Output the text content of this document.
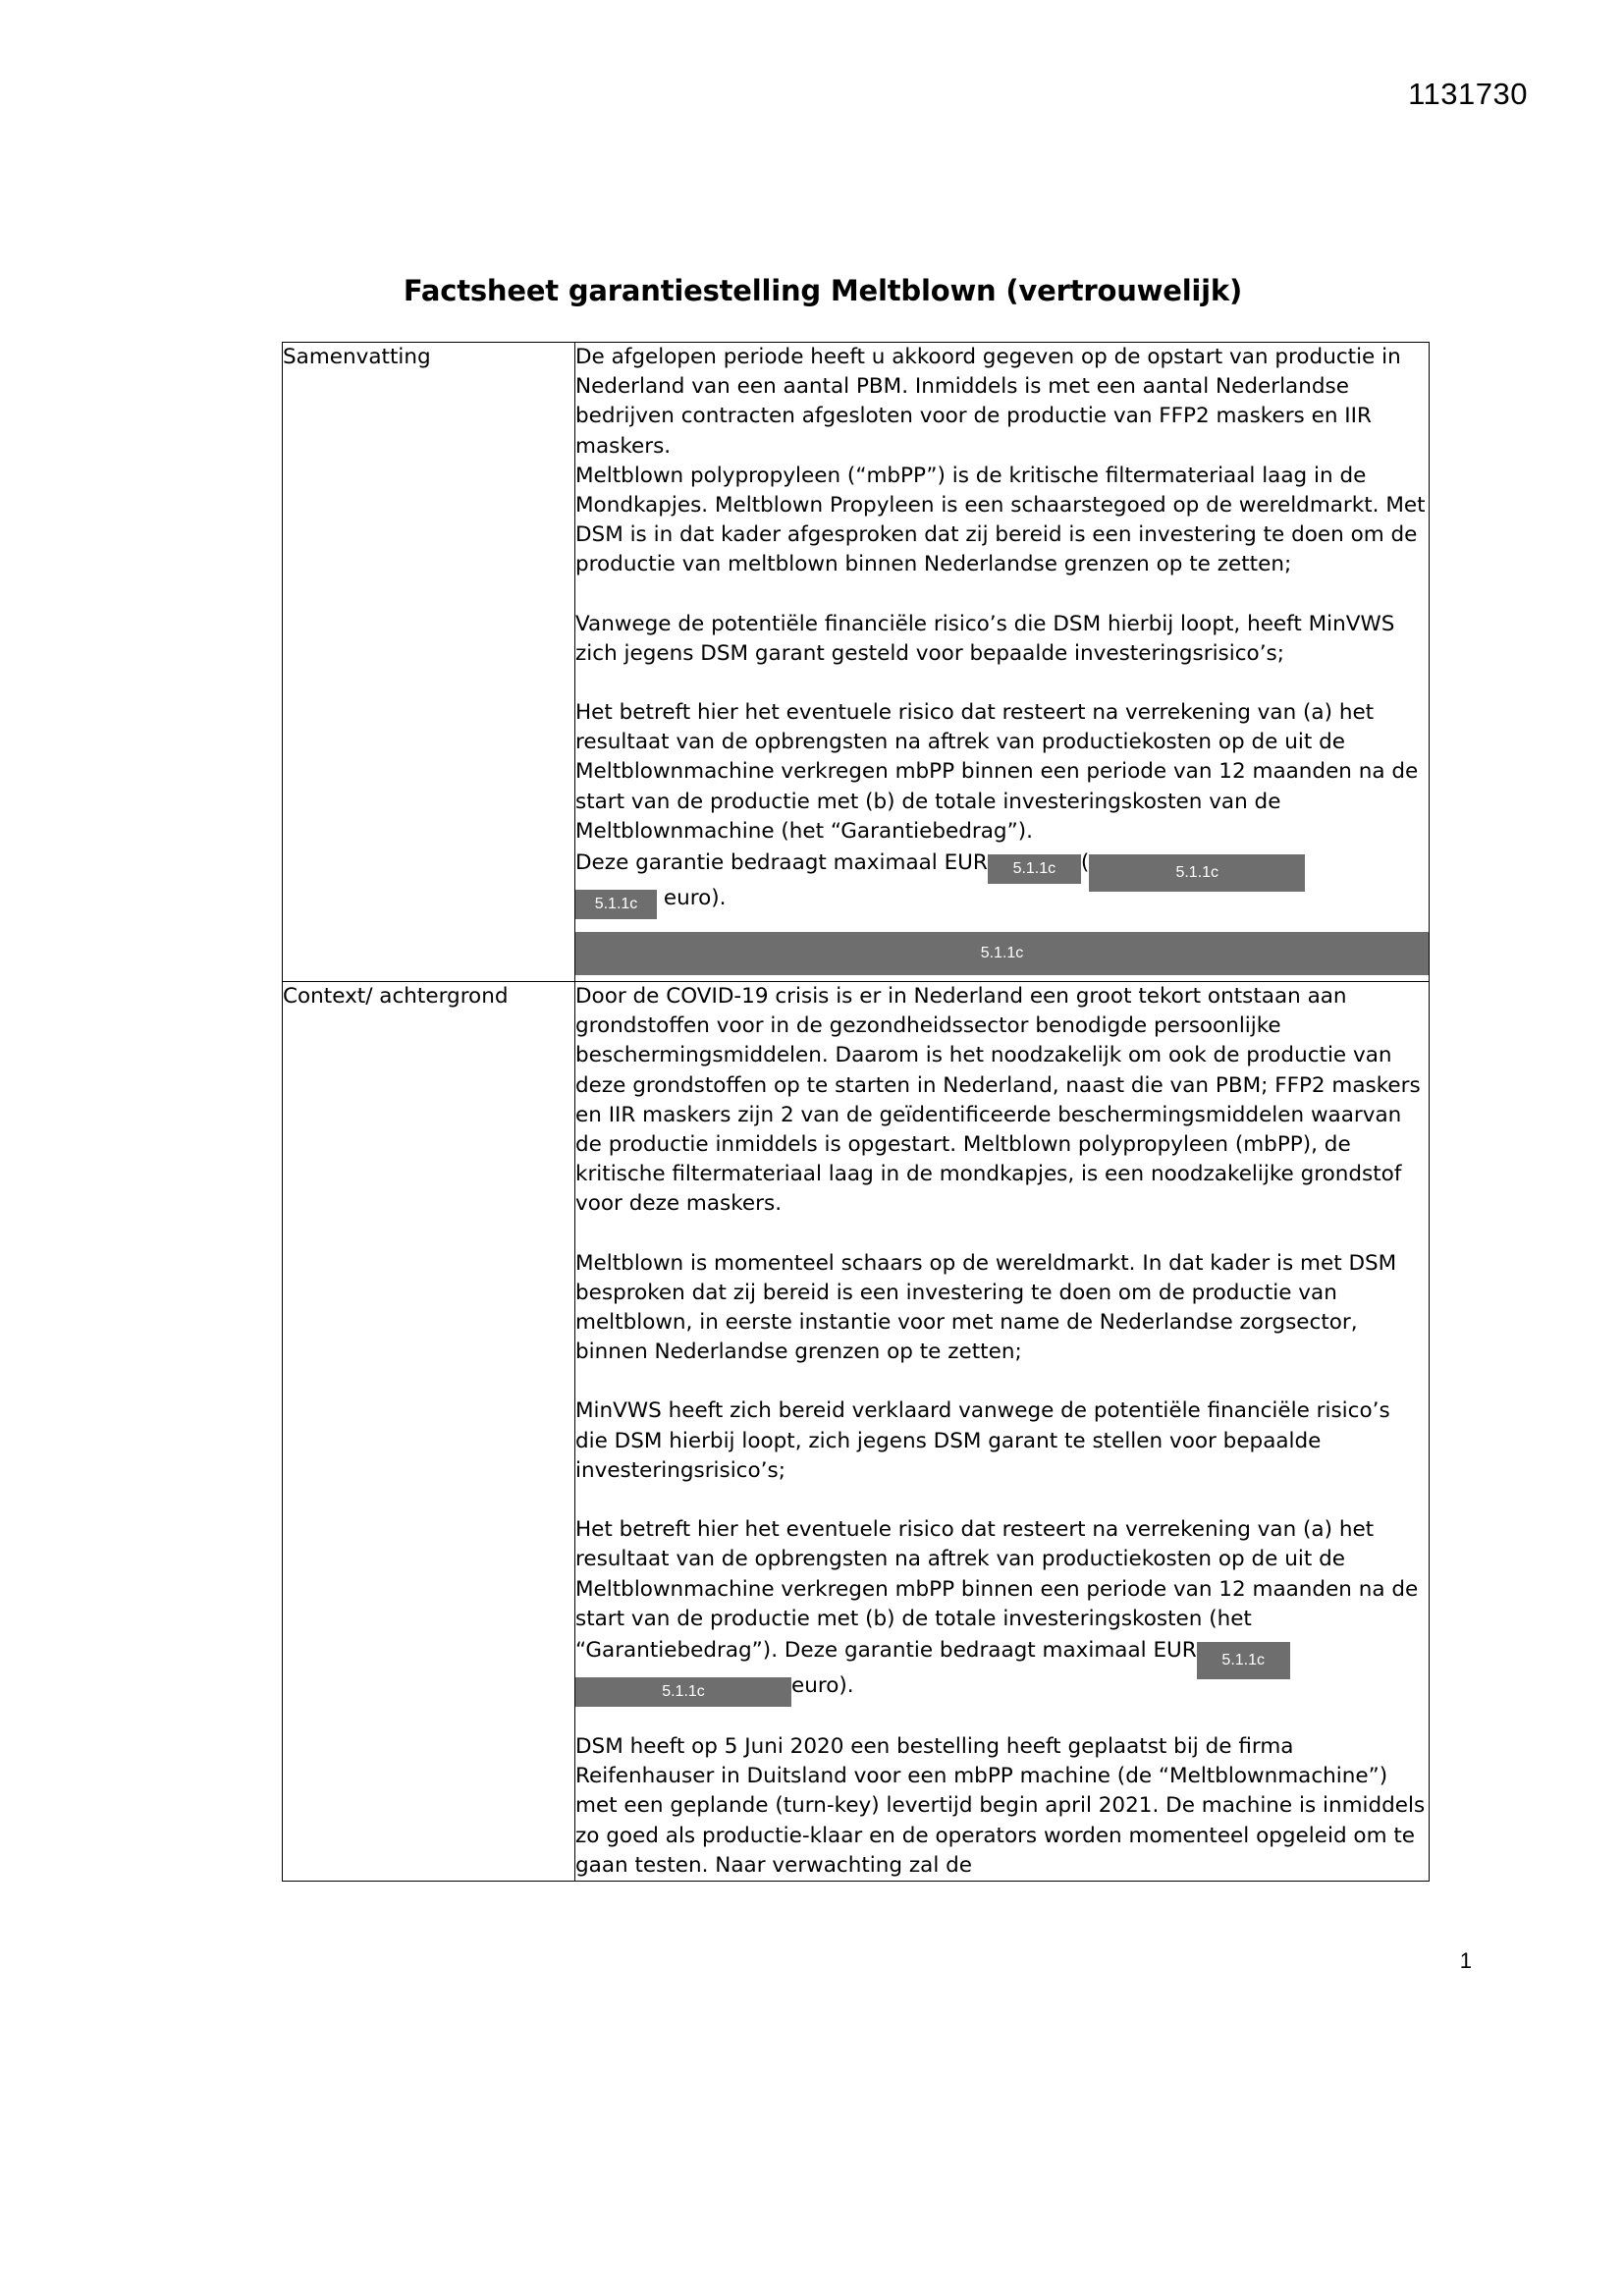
1131730
Factsheet garantiestelling Meltblown (vertrouwelijk)
Samenvatting	De afgelopen periode heeft u akkoord gegeven op de opstart van productie in Nederland van een aantal PBM. Inmiddels is met een aantal Nederlandse bedrijven contracten afgesloten voor de productie van FFP2 maskers en IIR maskers.

Meltblown polypropyleen (“mbPP”) is de kritische filtermateriaal laag in de Mondkapjes. Meltblown Propyleen is een schaarstegoed op de wereldmarkt. Met DSM is in dat kader afgesproken dat zij bereid is een investering te doen om de productie van meltblown binnen Nederlandse grenzen op te zetten;

Vanwege de potentiële financiële risico’s die DSM hierbij loopt, heeft MinVWS zich jegens DSM garant gesteld voor bepaalde investeringsrisico’s;

Het betreft hier het eventuele risico dat resteert na verrekening van (a) het resultaat van de opbrengsten na aftrek van productiekosten op de uit de Meltblownmachine verkregen mbPP binnen een periode van 12 maanden na de start van de productie met (b) de totale investeringskosten van de Meltblownmachine (het “Garantiebedrag”).

Deze garantie bedraagt maximaal EUR 5.1.1c (	5.1.1c
5.1.1c euro).

5.1.1c

Context/ achtergrond	Door de COVID-19 crisis is er in Nederland een groot tekort ontstaan aan grondstoffen voor in de gezondheidssector benodigde persoonlijke beschermingsmiddelen. Daarom is het noodzakelijk om ook de productie van deze grondstoffen op te starten in Nederland, naast die van PBM; FFP2 maskers en IIR maskers zijn 2 van de geïdentificeerde beschermingsmiddelen waarvan de productie inmiddels is opgestart. Meltblown polypropyleen (mbPP), de kritische filtermateriaal laag in de mondkapjes, is een noodzakelijke grondstof voor deze maskers.

Meltblown is momenteel schaars op de wereldmarkt. In dat kader is met DSM besproken dat zij bereid is een investering te doen om de productie van meltblown, in eerste instantie voor met name de Nederlandse zorgsector, binnen Nederlandse grenzen op te zetten;

MinVWS heeft zich bereid verklaard vanwege de potentiële financiële risico’s die DSM hierbij loopt, zich jegens DSM garant te stellen voor bepaalde investeringsrisico’s;

Het betreft hier het eventuele risico dat resteert na verrekening van (a) het resultaat van de opbrengsten na aftrek van productiekosten op de uit de Meltblownmachine verkregen mbPP binnen een periode van 12 maanden na de start van de productie met (b) de totale investeringskosten (het “Garantiebedrag”). Deze garantie bedraagt maximaal EUR 5.1.1c
5.1.1c	euro).

DSM heeft op 5 Juni 2020 een bestelling heeft geplaatst bij de firma Reifenhauser in Duitsland voor een mbPP machine (de “Meltblownmachine”) met een geplande (turn-key) levertijd begin april 2021. De machine is inmiddels zo goed als productie-klaar en de operators worden momenteel opgeleid om te gaan testen. Naar verwachting zal de

1
